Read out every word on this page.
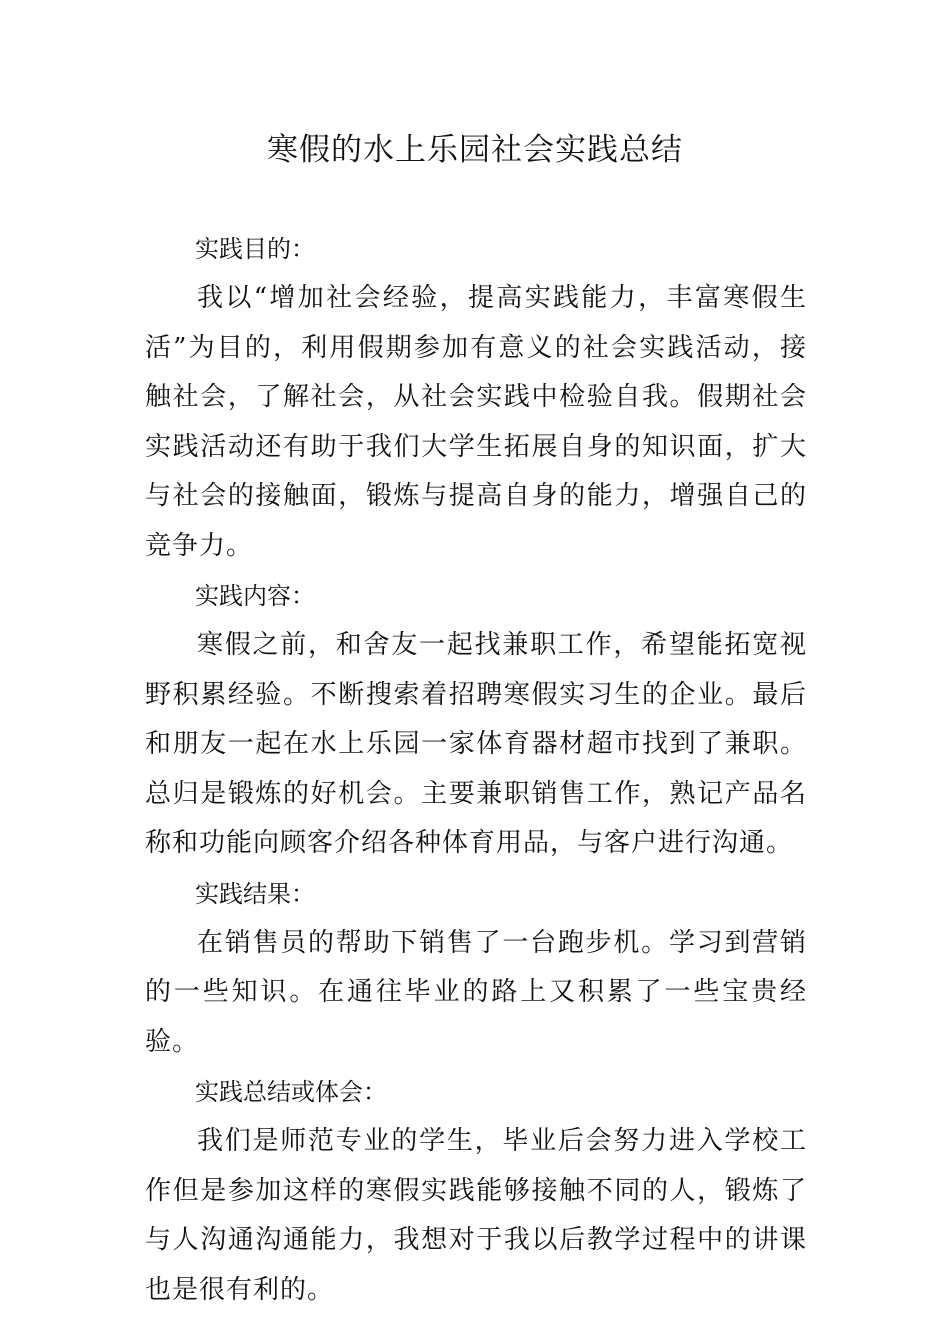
寒假的水上乐园社会实践总结

实践目的：

我以“增加社会经验，提高实践能力，丰富寒假生活”为目的，利用假期参加有意义的社会实践活动，接触社会，了解社会，从社会实践中检验自我。假期社会实践活动还有助于我们大学生拓展自身的知识面，扩大与社会的接触面，锻炼与提高自身的能力，增强自己的竞争力。

实践内容：

寒假之前，和舍友一起找兼职工作，希望能拓宽视野积累经验。不断搜索着招聘寒假实习生的企业。最后和朋友一起在水上乐园一家体育器材超市找到了兼职。总归是锻炼的好机会。主要兼职销售工作，熟记产品名称和功能向顾客介绍各种体育用品，与客户进行沟通。

实践结果：

在销售员的帮助下销售了一台跑步机。学习到营销的一些知识。在通往毕业的路上又积累了一些宝贵经验。

实践总结或体会：

我们是师范专业的学生，毕业后会努力进入学校工作但是参加这样的寒假实践能够接触不同的人，锻炼了与人沟通沟通能力，我想对于我以后教学过程中的讲课也是很有利的。
